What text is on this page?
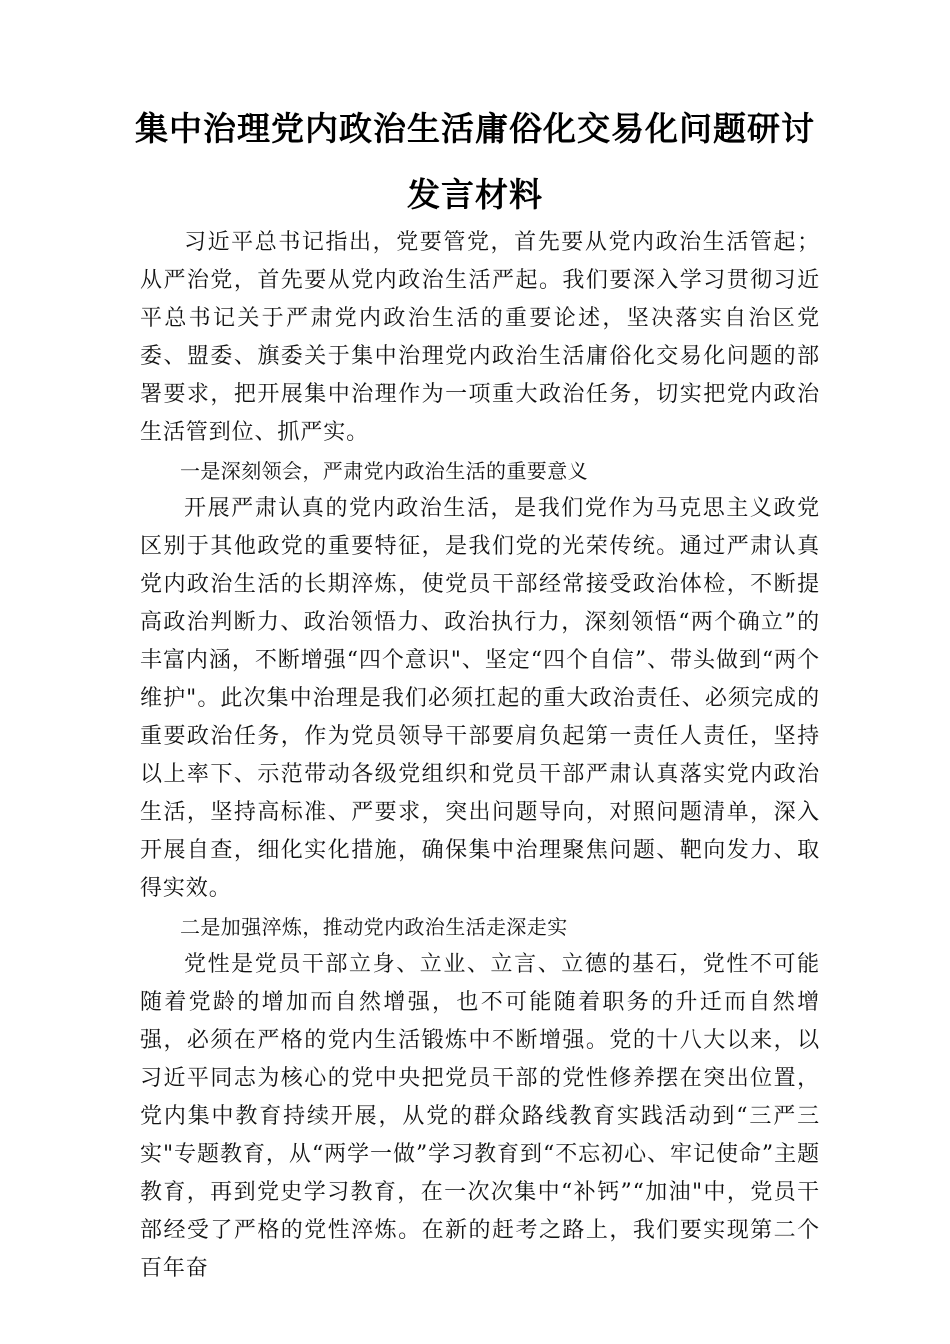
集中治理党内政治生活庸俗化交易化问题研讨发言材料

习近平总书记指出，党要管党，首先要从党内政治生活管起；从严治党，首先要从党内政治生活严起。我们要深入学习贯彻习近平总书记关于严肃党内政治生活的重要论述，坚决落实自治区党委、盟委、旗委关于集中治理党内政治生活庸俗化交易化问题的部署要求，把开展集中治理作为一项重大政治任务，切实把党内政治生活管到位、抓严实。

一是深刻领会，严肃党内政治生活的重要意义

开展严肃认真的党内政治生活，是我们党作为马克思主义政党区别于其他政党的重要特征，是我们党的光荣传统。通过严肃认真党内政治生活的长期淬炼，使党员干部经常接受政治体检，不断提高政治判断力、政治领悟力、政治执行力，深刻领悟“两个确立”的丰富内涵，不断增强“四个意识"、坚定“四个自信”、带头做到“两个维护"。此次集中治理是我们必须扛起的重大政治责任、必须完成的重要政治任务，作为党员领导干部要肩负起第一责任人责任，坚持以上率下、示范带动各级党组织和党员干部严肃认真落实党内政治生活，坚持高标准、严要求，突出问题导向，对照问题清单，深入开展自查，细化实化措施，确保集中治理聚焦问题、靶向发力、取得实效。

二是加强淬炼，推动党内政治生活走深走实

党性是党员干部立身、立业、立言、立德的基石，党性不可能随着党龄的增加而自然增强，也不可能随着职务的升迁而自然增强，必须在严格的党内生活锻炼中不断增强。党的十八大以来，以习近平同志为核心的党中央把党员干部的党性修养摆在突出位置，党内集中教育持续开展，从党的群众路线教育实践活动到“三严三实"专题教育，从“两学一做”学习教育到“不忘初心、牢记使命”主题教育，再到党史学习教育，在一次次集中“补钙”“加油"中，党员干部经受了严格的党性淬炼。在新的赶考之路上，我们要实现第二个百年奋
